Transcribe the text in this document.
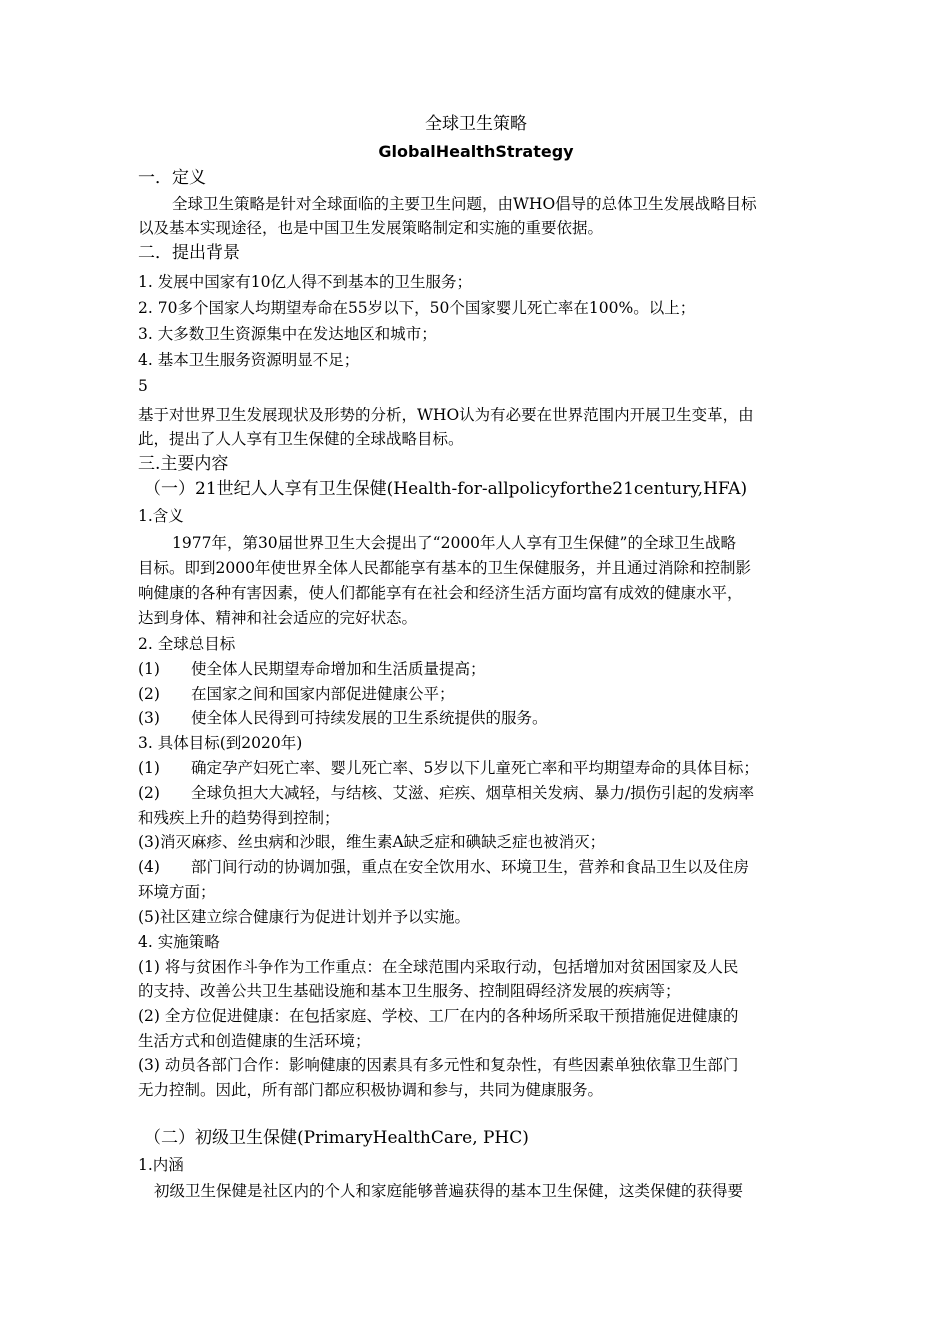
全球卫生策略
GlobalHealthStrategy
一．定义
全球卫生策略是针对全球面临的主要卫生问题，由WHO倡导的总体卫生发展战略目标
以及基本实现途径，也是中国卫生发展策略制定和实施的重要依据。
二．提出背景
1. 发展中国家有10亿人得不到基本的卫生服务；
2. 70多个国家人均期望寿命在55岁以下，50个国家婴儿死亡率在100%。以上；
3. 大多数卫生资源集中在发达地区和城市；
4. 基本卫生服务资源明显不足；
5
基于对世界卫生发展现状及形势的分析，WHO认为有必要在世界范围内开展卫生变革，由
此，提出了人人享有卫生保健的全球战略目标。
三.主要内容
（一）21世纪人人享有卫生保健(Health-for-allpolicyforthe21century,HFA)
1.含义
1977年，第30届世界卫生大会提出了“2000年人人享有卫生保健”的全球卫生战略
目标。即到2000年使世界全体人民都能享有基本的卫生保健服务，并且通过消除和控制影
响健康的各种有害因素，使人们都能享有在社会和经济生活方面均富有成效的健康水平，
达到身体、精神和社会适应的完好状态。
2. 全球总目标
(1)　　使全体人民期望寿命增加和生活质量提高；
(2)　　在国家之间和国家内部促进健康公平；
(3)　　使全体人民得到可持续发展的卫生系统提供的服务。
3. 具体目标(到2020年)
(1)　　确定孕产妇死亡率、婴儿死亡率、5岁以下儿童死亡率和平均期望寿命的具体目标；
(2)　　全球负担大大减轻，与结核、艾滋、疟疾、烟草相关发病、暴力/损伤引起的发病率
和残疾上升的趋势得到控制；
(3)消灭麻疹、丝虫病和沙眼，维生素A缺乏症和碘缺乏症也被消灭；
(4)　　部门间行动的协调加强，重点在安全饮用水、环境卫生，营养和食品卫生以及住房
环境方面；
(5)社区建立综合健康行为促进计划并予以实施。
4. 实施策略
(1) 将与贫困作斗争作为工作重点：在全球范围内采取行动，包括增加对贫困国家及人民
的支持、改善公共卫生基础设施和基本卫生服务、控制阻碍经济发展的疾病等；
(2) 全方位促进健康：在包括家庭、学校、工厂在内的各种场所采取干预措施促进健康的
生活方式和创造健康的生活环境；
(3) 动员各部门合作：影响健康的因素具有多元性和复杂性，有些因素单独依靠卫生部门
无力控制。因此，所有部门都应积极协调和参与，共同为健康服务。
（二）初级卫生保健(PrimaryHealthCare, PHC)
1.内涵
初级卫生保健是社区内的个人和家庭能够普遍获得的基本卫生保健，这类保健的获得要
